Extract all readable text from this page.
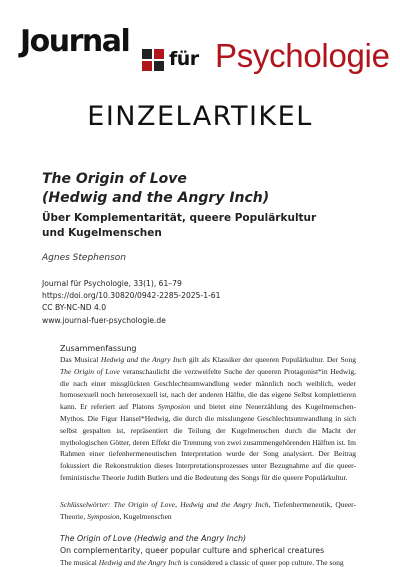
Journal für Psychologie
EINZELARTIKEL
The Origin of Love
(Hedwig and the Angry Inch)
Über Komplementarität, queere Populärkultur
und Kugelmenschen
Agnes Stephenson
Journal für Psychologie, 33(1), 61–79
https://doi.org/10.30820/0942-2285-2025-1-61
CC BY-NC-ND 4.0
www.journal-fuer-psychologie.de
Zusammenfassung
Das Musical Hedwig and the Angry Inch gilt als Klassiker der queeren Populärkultur. Der Song The Origin of Love veranschaulicht die verzweifelte Suche der queeren Protagonist*in Hedwig, die nach einer missglückten Geschlechtsumwandlung weder männlich noch weiblich, weder homosexuell noch heterosexuell ist, nach der anderen Hälfte, die das eigene Selbst komplettieren kann. Er referiert auf Platons Symposion und bietet eine Neuerzählung des Kugelmenschen-Mythos. Die Figur Hansel*Hedwig, die durch die misslungene Geschlechtsumwandlung in sich selbst gespalten ist, repräsentiert die Teilung der Kugelmenschen durch die Macht der mythologischen Götter, deren Effekt die Trennung von zwei zusammengehörenden Hälften ist. Im Rahmen einer tiefenhermeneutischen Interpretation wurde der Song analysiert. Der Beitrag fokussiert die Rekonstruktion dieses Interpretationsprozesses unter Bezugnahme auf die queer-feministische Theorie Judith Butlers und die Bedeutung des Songs für die queere Populärkultur.
Schlüsselwörter: The Origin of Love, Hedwig and the Angry Inch, Tiefenhermeneutik, Queer-Theorie, Symposion, Kugelmenschen
The Origin of Love (Hedwig and the Angry Inch)
On complementarity, queer popular culture and spherical creatures
The musical Hedwig and the Angry Inch is considered a classic of queer pop culture. The song
